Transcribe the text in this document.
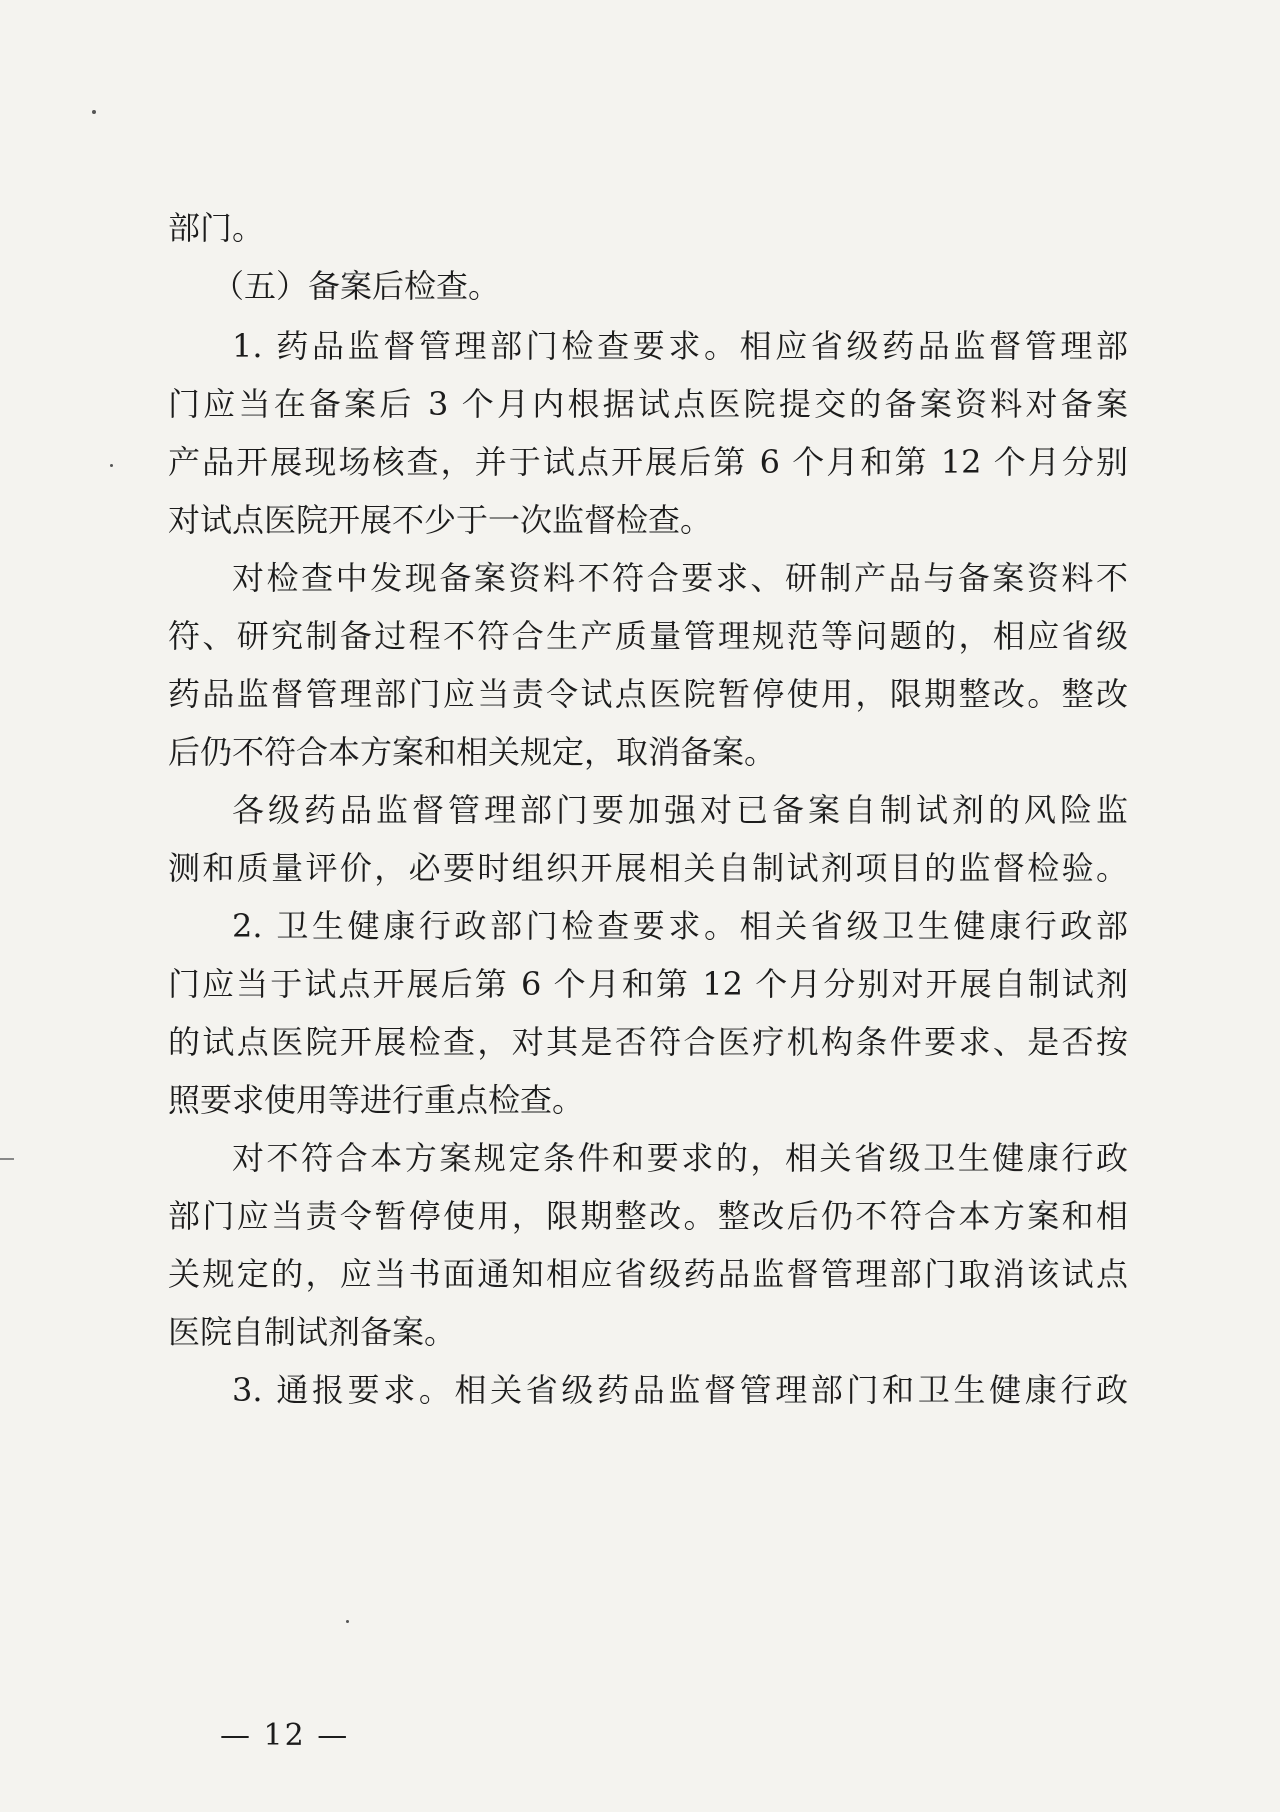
部门。
（五）备案后检查。
1. 药品监督管理部门检查要求。相应省级药品监督管理部
门应当在备案后 3 个月内根据试点医院提交的备案资料对备案
产品开展现场核查，并于试点开展后第 6 个月和第 12 个月分别
对试点医院开展不少于一次监督检查。
对检查中发现备案资料不符合要求、研制产品与备案资料不
符、研究制备过程不符合生产质量管理规范等问题的，相应省级
药品监督管理部门应当责令试点医院暂停使用，限期整改。整改
后仍不符合本方案和相关规定，取消备案。
各级药品监督管理部门要加强对已备案自制试剂的风险监
测和质量评价，必要时组织开展相关自制试剂项目的监督检验。
2. 卫生健康行政部门检查要求。相关省级卫生健康行政部
门应当于试点开展后第 6 个月和第 12 个月分别对开展自制试剂
的试点医院开展检查，对其是否符合医疗机构条件要求、是否按
照要求使用等进行重点检查。
对不符合本方案规定条件和要求的，相关省级卫生健康行政
部门应当责令暂停使用，限期整改。整改后仍不符合本方案和相
关规定的，应当书面通知相应省级药品监督管理部门取消该试点
医院自制试剂备案。
3. 通报要求。相关省级药品监督管理部门和卫生健康行政
— 12 —
